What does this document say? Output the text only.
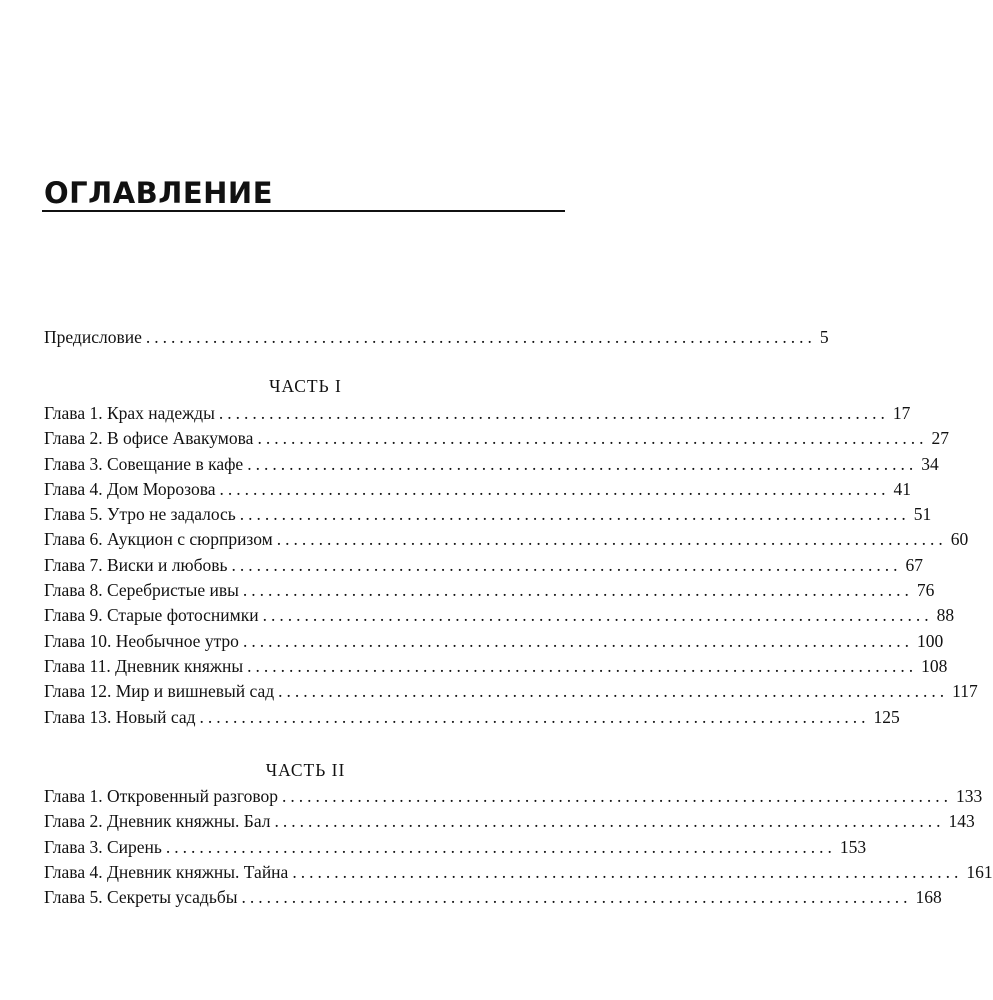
ОГЛАВЛЕНИЕ
Предисловие ................................................................................ 5
ЧАСТЬ I
Глава 1. Крах надежды ................................................................................ 17
Глава 2. В офисе Авакумова ................................................................................ 27
Глава 3. Совещание в кафе ................................................................................ 34
Глава 4. Дом Морозова ................................................................................ 41
Глава 5. Утро не задалось ................................................................................ 51
Глава 6. Аукцион с сюрпризом ................................................................................ 60
Глава 7. Виски и любовь ................................................................................ 67
Глава 8. Серебристые ивы ................................................................................ 76
Глава 9. Старые фотоснимки ................................................................................ 88
Глава 10. Необычное утро ................................................................................ 100
Глава 11. Дневник княжны ................................................................................ 108
Глава 12. Мир и вишневый сад ................................................................................ 117
Глава 13. Новый сад ................................................................................ 125
ЧАСТЬ II
Глава 1. Откровенный разговор ................................................................................ 133
Глава 2. Дневник княжны. Бал ................................................................................ 143
Глава 3. Сирень ................................................................................ 153
Глава 4. Дневник княжны. Тайна ................................................................................ 161
Глава 5. Секреты усадьбы ................................................................................ 168
